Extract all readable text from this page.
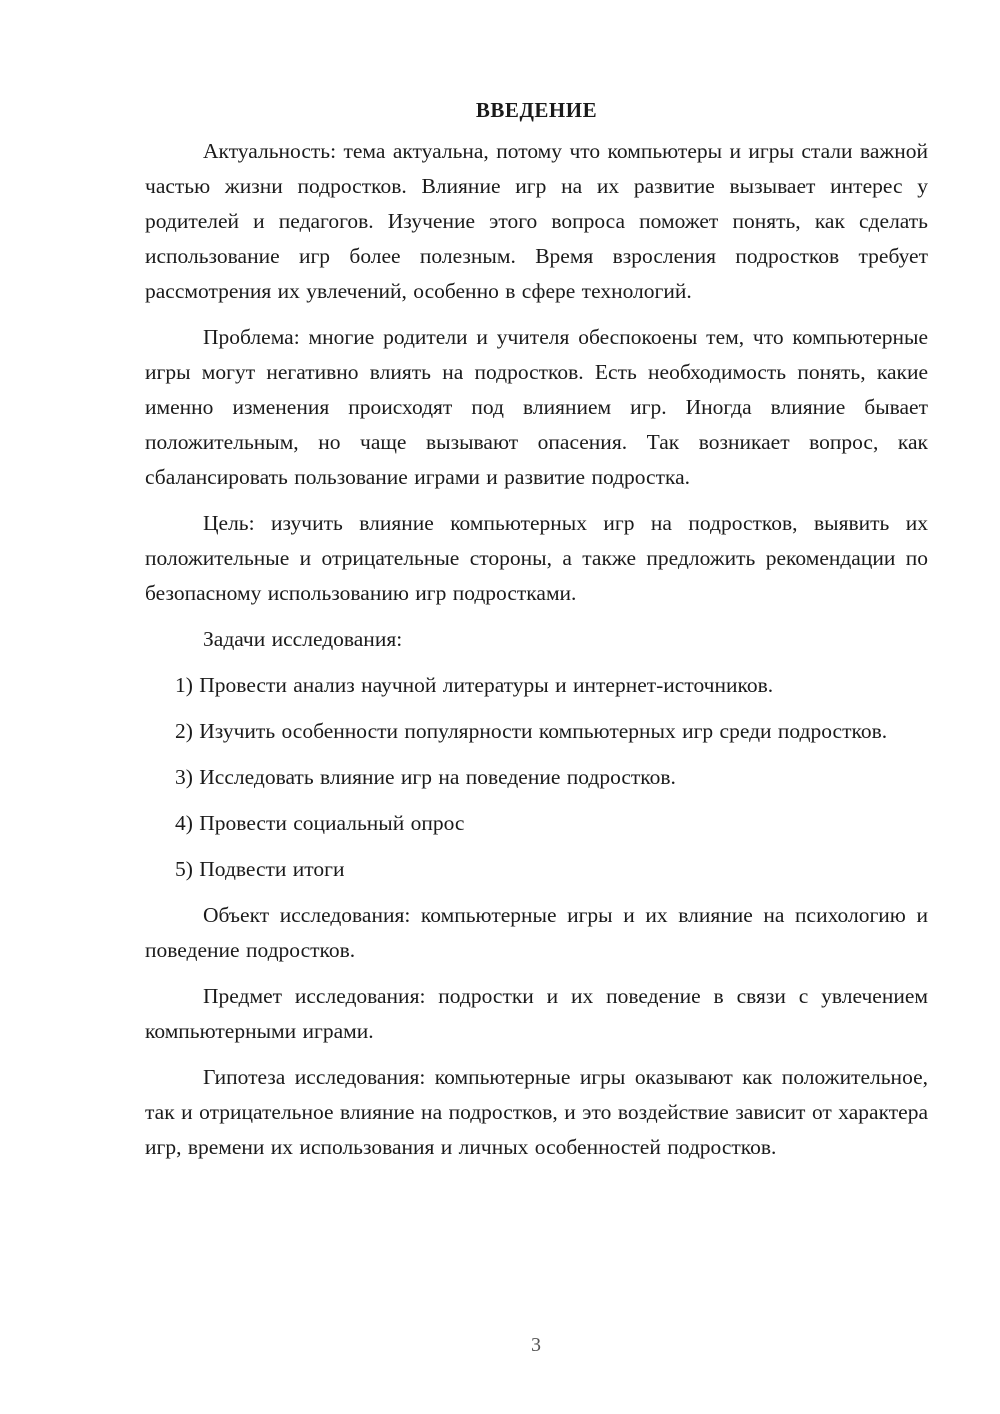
ВВЕДЕНИЕ

Актуальность: тема актуальна, потому что компьютеры и игры стали важной частью жизни подростков. Влияние игр на их развитие вызывает интерес у родителей и педагогов. Изучение этого вопроса поможет понять, как сделать использование игр более полезным. Время взросления подростков требует рассмотрения их увлечений, особенно в сфере технологий.

Проблема: многие родители и учителя обеспокоены тем, что компьютерные игры могут негативно влиять на подростков. Есть необходимость понять, какие именно изменения происходят под влиянием игр. Иногда влияние бывает положительным, но чаще вызывают опасения. Так возникает вопрос, как сбалансировать пользование играми и развитие подростка.

Цель: изучить влияние компьютерных игр на подростков, выявить их положительные и отрицательные стороны, а также предложить рекомендации по безопасному использованию игр подростками.

Задачи исследования:

1) Провести анализ научной литературы и интернет-источников.

2) Изучить особенности популярности компьютерных игр среди подростков.

3) Исследовать влияние игр на поведение подростков.

4) Провести социальный опрос

5) Подвести итоги

Объект исследования: компьютерные игры и их влияние на психологию и поведение подростков.

Предмет исследования: подростки и их поведение в связи с увлечением компьютерными играми.

Гипотеза исследования: компьютерные игры оказывают как положительное, так и отрицательное влияние на подростков, и это воздействие зависит от характера игр, времени их использования и личных особенностей подростков.

3
